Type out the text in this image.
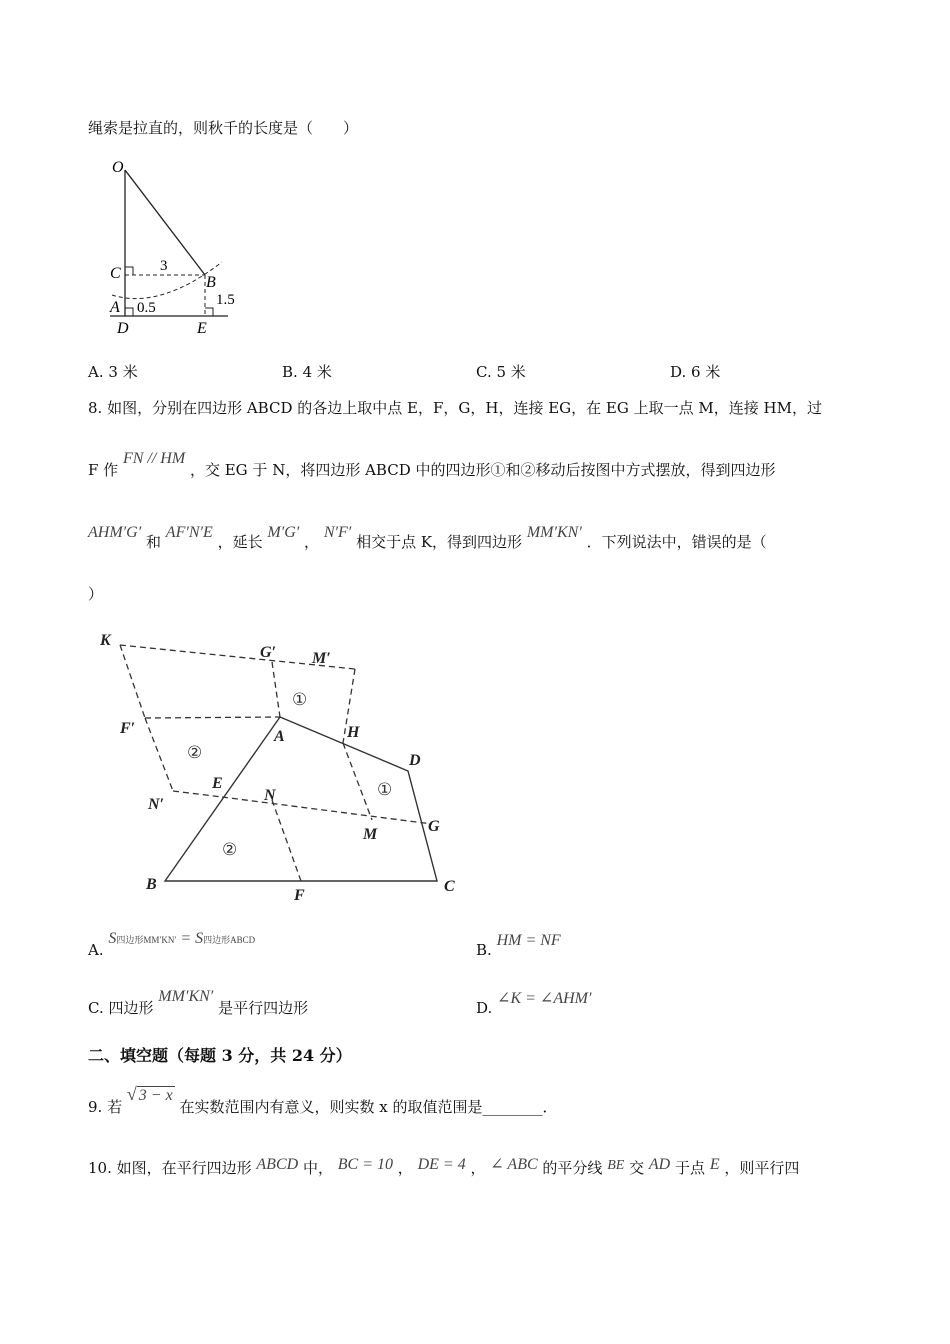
绳索是拉直的，则秋千的长度是（　　）
O
C
B
A
D	E
3
0.5	1.5
A. 3 米	B. 4 米	C. 5 米	D. 6 米
8. 如图，分别在四边形 ABCD 的各边上取中点 E，F，G，H，连接 EG，在 EG 上取一点 M，连接 HM，过
F 作 FN // HM ，交 EG 于 N，将四边形 ABCD 中的四边形①和②移动后按图中方式摆放，得到四边形
AHM′G′ 和 AF′N′E ，延长 M′G′ ， N′F′ 相交于点 K，得到四边形 MM′KN′ ．下列说法中，错误的是（
）
K
G′ M′
F′	A	H
D
N′
E
N
M	G
B
F
C
①
①
②
②
A. S四边形MM′KN′ = S四边形ABCD
B. HM = NF
C. 四边形 MM′KN′ 是平行四边形	D. ∠K = ∠AHM′
二、填空题（每题 3 分，共 24 分）
9. 若 √ 3 − x 在实数范围内有意义，则实数 x 的取值范围是________．
10. 如图，在平行四边形 ABCD 中， BC = 10 ， DE = 4 ， ∠ ABC 的平分线 BE 交 AD 于点 E ，则平行四
